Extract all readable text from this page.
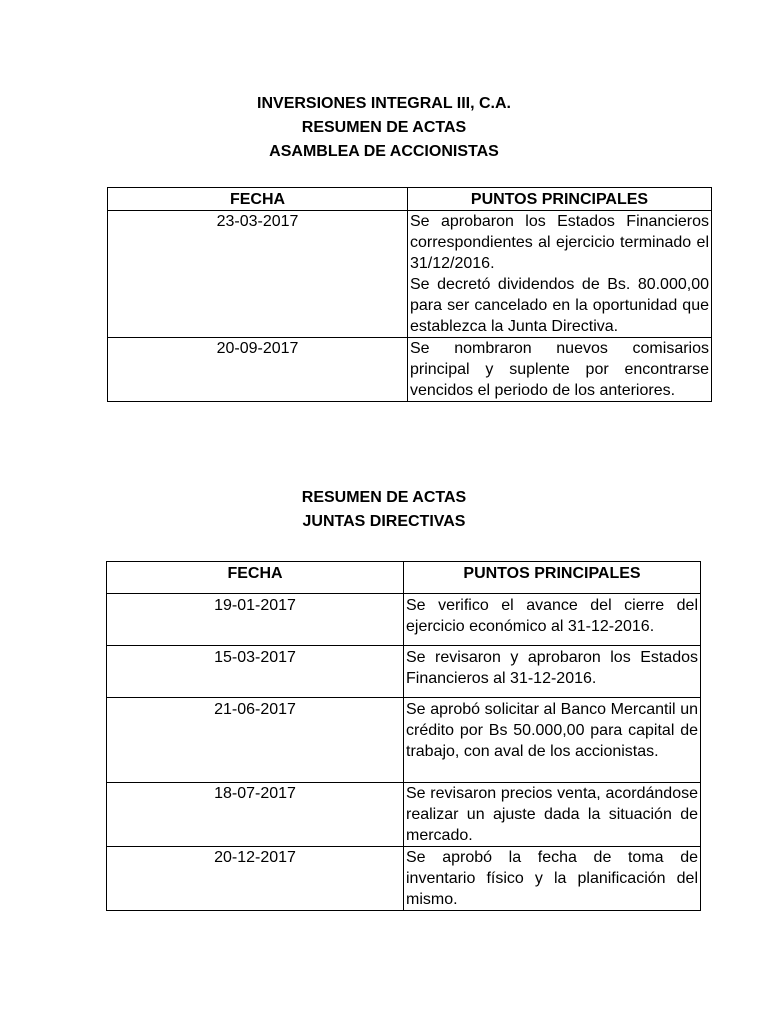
INVERSIONES INTEGRAL III, C.A.
RESUMEN DE ACTAS
ASAMBLEA DE ACCIONISTAS
FECHA	PUNTOS PRINCIPALES
23-03-2017	Se aprobaron los Estados Financieros correspondientes al ejercicio terminado el 31/12/2016.
Se decretó dividendos de Bs. 80.000,00 para ser cancelado en la oportunidad que establezca la Junta Directiva.

20-09-2017	Se nombraron nuevos comisarios principal y suplente por encontrarse vencidos el periodo de los anteriores.
RESUMEN DE ACTAS
JUNTAS DIRECTIVAS
FECHA	PUNTOS PRINCIPALES
19-01-2017	Se verifico el avance del cierre del ejercicio económico al 31-12-2016.
15-03-2017	Se revisaron y aprobaron los Estados Financieros al 31-12-2016.
21-06-2017	Se aprobó solicitar al Banco Mercantil un crédito por Bs 50.000,00 para capital de trabajo, con aval de los accionistas.
18-07-2017	Se revisaron precios venta, acordándose realizar un ajuste dada la situación de mercado.
20-12-2017	Se aprobó la fecha de toma de inventario físico y la planificación del mismo.
